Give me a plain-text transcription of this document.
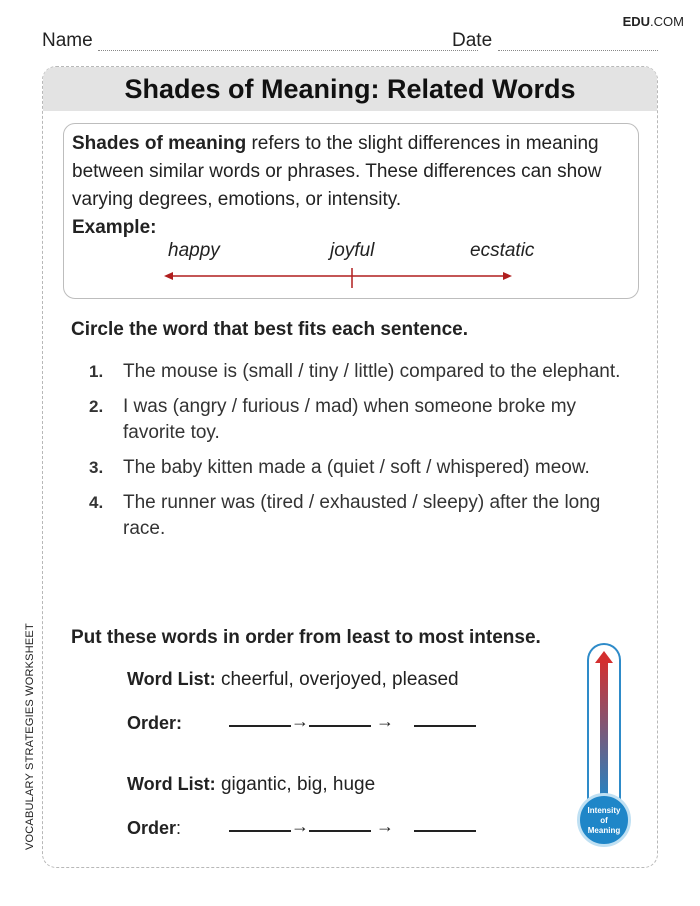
EDU.COM
Name	Date
VOCABULARY STRATEGIES WORKSHEET
Shades of Meaning: Related Words

Shades of meaning refers to the slight differences in meaning between similar words or phrases. These differences can show varying degrees, emotions, or intensity.

Example:

happy	joyful	ecstatic

Circle the word that best fits each sentence.

1. The mouse is (small / tiny / little) compared to the elephant.
2. I was (angry / furious / mad) when someone broke my favorite toy.
3. The baby kitten made a (quiet / soft / whispered) meow.
4. The runner was (tired / exhausted / sleepy) after the long race.

Put these words in order from least to most intense.

Word List: cheerful, overjoyed, pleased

Order:	→	→

Word List: gigantic, big, huge

Order:	→	→

Intensity
of
Meaning
